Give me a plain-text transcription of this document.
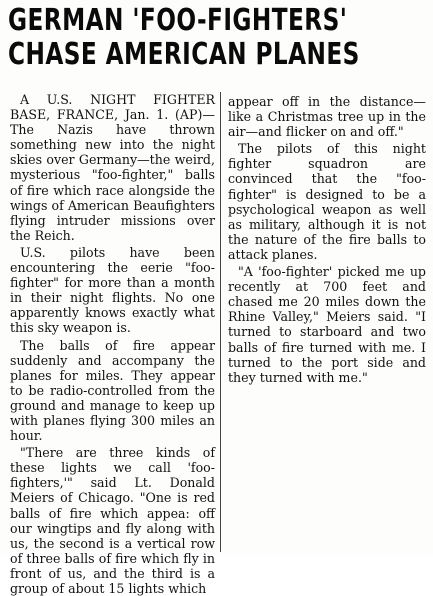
GERMAN 'FOO-FIGHTERS'
CHASE AMERICAN PLANES

A U.S. NIGHT FIGHTER BASE, FRANCE, Jan. 1. (AP)—The Nazis have thrown something new into the night skies over Germany—the weird, mysterious "foo-fighter," balls of fire which race alongside the wings of American Beaufighters flying intruder missions over the Reich.

U.S. pilots have been encountering the eerie "foo-fighter" for more than a month in their night flights. No one apparently knows exactly what this sky weapon is.

The balls of fire appear suddenly and accompany the planes for miles. They appear to be radio-controlled from the ground and manage to keep up with planes flying 300 miles an hour.

"There are three kinds of these lights we call 'foo-fighters,'" said Lt. Donald Meiers of Chicago. "One is red balls of fire which appea: off our wingtips and fly along with us, the second is a vertical row of three balls of fire which fly in front of us, and the third is a group of about 15 lights which

appear off in the distance—like a Christmas tree up in the air—and flicker on and off."

The pilots of this night fighter squadron are convinced that the "foo-fighter" is designed to be a psychological weapon as well as military, although it is not the nature of the fire balls to attack planes.

"A 'foo-fighter' picked me up recently at 700 feet and chased me 20 miles down the Rhine Valley," Meiers said. "I turned to starboard and two balls of fire turned with me. I turned to the port side and they turned with me."
